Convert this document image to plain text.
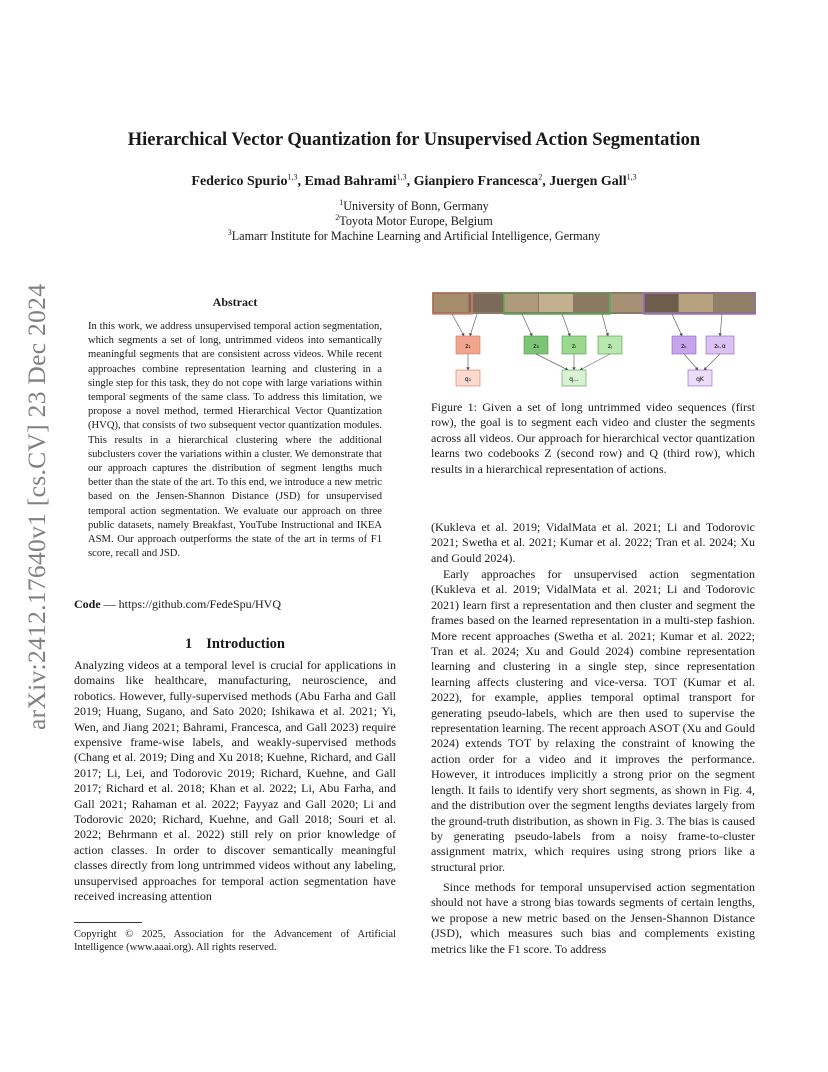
arXiv:2412.17640v1 [cs.CV] 23 Dec 2024
Hierarchical Vector Quantization for Unsupervised Action Segmentation
Federico Spurio$^{1,3}$, Emad Bahrami$^{1,3}$, Gianpiero Francesca$^2$, Juergen Gall$^{1,3}$
$^1$University of Bonn, Germany
$^2$Toyota Motor Europe, Belgium
$^3$Lamarr Institute for Machine Learning and Artificial Intelligence, Germany
Abstract
In this work, we address unsupervised temporal action segmentation, which segments a set of long, untrimmed videos into semantically meaningful segments that are consistent across videos. While recent approaches combine representation learning and clustering in a single step for this task, they do not cope with large variations within temporal segments of the same class. To address this limitation, we propose a novel method, termed Hierarchical Vector Quantization (HVQ), that consists of two subsequent vector quantization modules. This results in a hierarchical clustering where the additional subclusters cover the variations within a cluster. We demonstrate that our approach captures the distribution of segment lengths much better than the state of the art. To this end, we introduce a new metric based on the Jensen-Shannon Distance (JSD) for unsupervised temporal action segmentation. We evaluate our approach on three public datasets, namely Breakfast, YouTube Instructional and IKEA ASM. Our approach outperforms the state of the art in terms of F1 score, recall and JSD.
Code — https://github.com/FedeSpu/HVQ
1 Introduction
Analyzing videos at a temporal level is crucial for applications in domains like healthcare, manufacturing, neuroscience, and robotics. However, fully-supervised methods (Abu Farha and Gall 2019; Huang, Sugano, and Sato 2020; Ishikawa et al. 2021; Yi, Wen, and Jiang 2021; Bahrami, Francesca, and Gall 2023) require expensive frame-wise labels, and weakly-supervised methods (Chang et al. 2019; Ding and Xu 2018; Kuehne, Richard, and Gall 2017; Li, Lei, and Todorovic 2019; Richard, Kuehne, and Gall 2017; Richard et al. 2018; Khan et al. 2022; Li, Abu Farha, and Gall 2021; Rahaman et al. 2022; Fayyaz and Gall 2020; Li and Todorovic 2020; Richard, Kuehne, and Gall 2018; Souri et al. 2022; Behrmann et al. 2022) still rely on prior knowledge of action classes. In order to discover semantically meaningful classes directly from long untrimmed videos without any labeling, unsupervised approaches for temporal action segmentation have received increasing attention
Copyright © 2025, Association for the Advancement of Artificial Intelligence (www.aaai.org). All rights reserved.
z₁	z₃	zᵢ	zⱼ	zₖ	zₖ.α
q₁	q...	qK
Figure 1: Given a set of long untrimmed video sequences (first row), the goal is to segment each video and cluster the segments across all videos. Our approach for hierarchical vector quantization learns two codebooks Z (second row) and Q (third row), which results in a hierarchical representation of actions.
(Kukleva et al. 2019; VidalMata et al. 2021; Li and Todorovic 2021; Swetha et al. 2021; Kumar et al. 2022; Tran et al. 2024; Xu and Gould 2024).
Early approaches for unsupervised action segmentation (Kukleva et al. 2019; VidalMata et al. 2021; Li and Todorovic 2021) learn first a representation and then cluster and segment the frames based on the learned representation in a multi-step fashion. More recent approaches (Swetha et al. 2021; Kumar et al. 2022; Tran et al. 2024; Xu and Gould 2024) combine representation learning and clustering in a single step, since representation learning affects clustering and vice-versa. TOT (Kumar et al. 2022), for example, applies temporal optimal transport for generating pseudo-labels, which are then used to supervise the representation learning. The recent approach ASOT (Xu and Gould 2024) extends TOT by relaxing the constraint of knowing the action order for a video and it improves the performance. However, it introduces implicitly a strong prior on the segment length. It fails to identify very short segments, as shown in Fig. 4, and the distribution over the segment lengths deviates largely from the ground-truth distribution, as shown in Fig. 3. The bias is caused by generating pseudo-labels from a noisy frame-to-cluster assignment matrix, which requires using strong priors like a structural prior.
Since methods for temporal unsupervised action segmentation should not have a strong bias towards segments of certain lengths, we propose a new metric based on the Jensen-Shannon Distance (JSD), which measures such bias and complements existing metrics like the F1 score. To address
